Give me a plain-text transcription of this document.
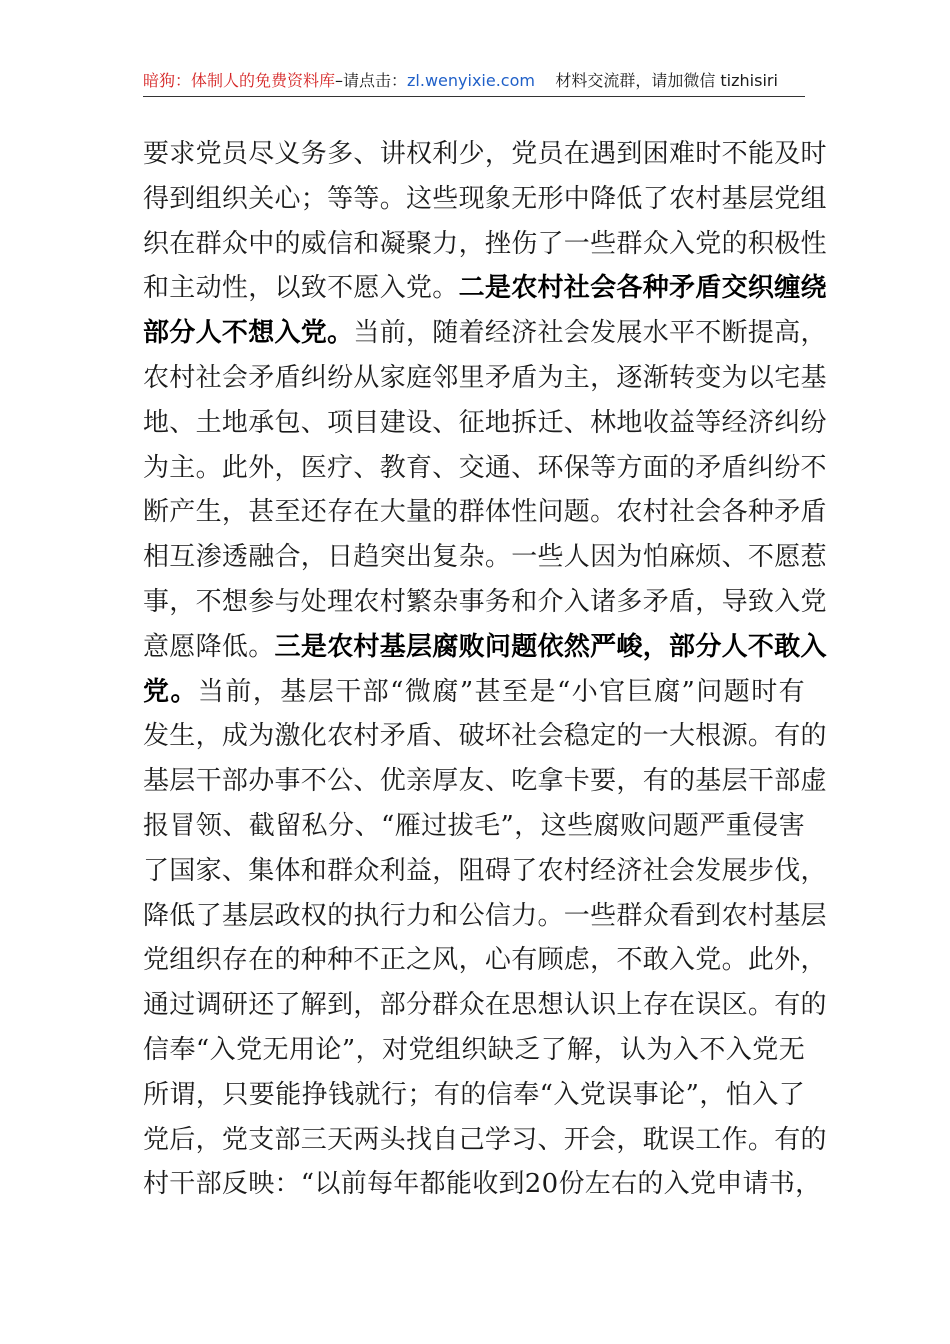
暗狗：体制人的免费资料库–请点击：zl.wenyixie.com 材料交流群，请加微信 tizhisiri
要求党员尽义务多、讲权利少，党员在遇到困难时不能及时
得到组织关心；等等。这些现象无形中降低了农村基层党组
织在群众中的威信和凝聚力，挫伤了一些群众入党的积极性
和主动性，以致不愿入党。二是农村社会各种矛盾交织缠绕
部分人不想入党。当前，随着经济社会发展水平不断提高，
农村社会矛盾纠纷从家庭邻里矛盾为主，逐渐转变为以宅基
地、土地承包、项目建设、征地拆迁、林地收益等经济纠纷
为主。此外，医疗、教育、交通、环保等方面的矛盾纠纷不
断产生，甚至还存在大量的群体性问题。农村社会各种矛盾
相互渗透融合，日趋突出复杂。一些人因为怕麻烦、不愿惹
事，不想参与处理农村繁杂事务和介入诸多矛盾，导致入党
意愿降低。三是农村基层腐败问题依然严峻，部分人不敢入
党。当前，基层干部“微腐”甚至是“小官巨腐”问题时有
发生，成为激化农村矛盾、破坏社会稳定的一大根源。有的
基层干部办事不公、优亲厚友、吃拿卡要，有的基层干部虚
报冒领、截留私分、“雁过拔毛”，这些腐败问题严重侵害
了国家、集体和群众利益，阻碍了农村经济社会发展步伐，
降低了基层政权的执行力和公信力。一些群众看到农村基层
党组织存在的种种不正之风，心有顾虑，不敢入党。此外，
通过调研还了解到，部分群众在思想认识上存在误区。有的
信奉“入党无用论”，对党组织缺乏了解，认为入不入党无
所谓，只要能挣钱就行；有的信奉“入党误事论”，怕入了
党后，党支部三天两头找自己学习、开会，耽误工作。有的
村干部反映：“以前每年都能收到20份左右的入党申请书，
